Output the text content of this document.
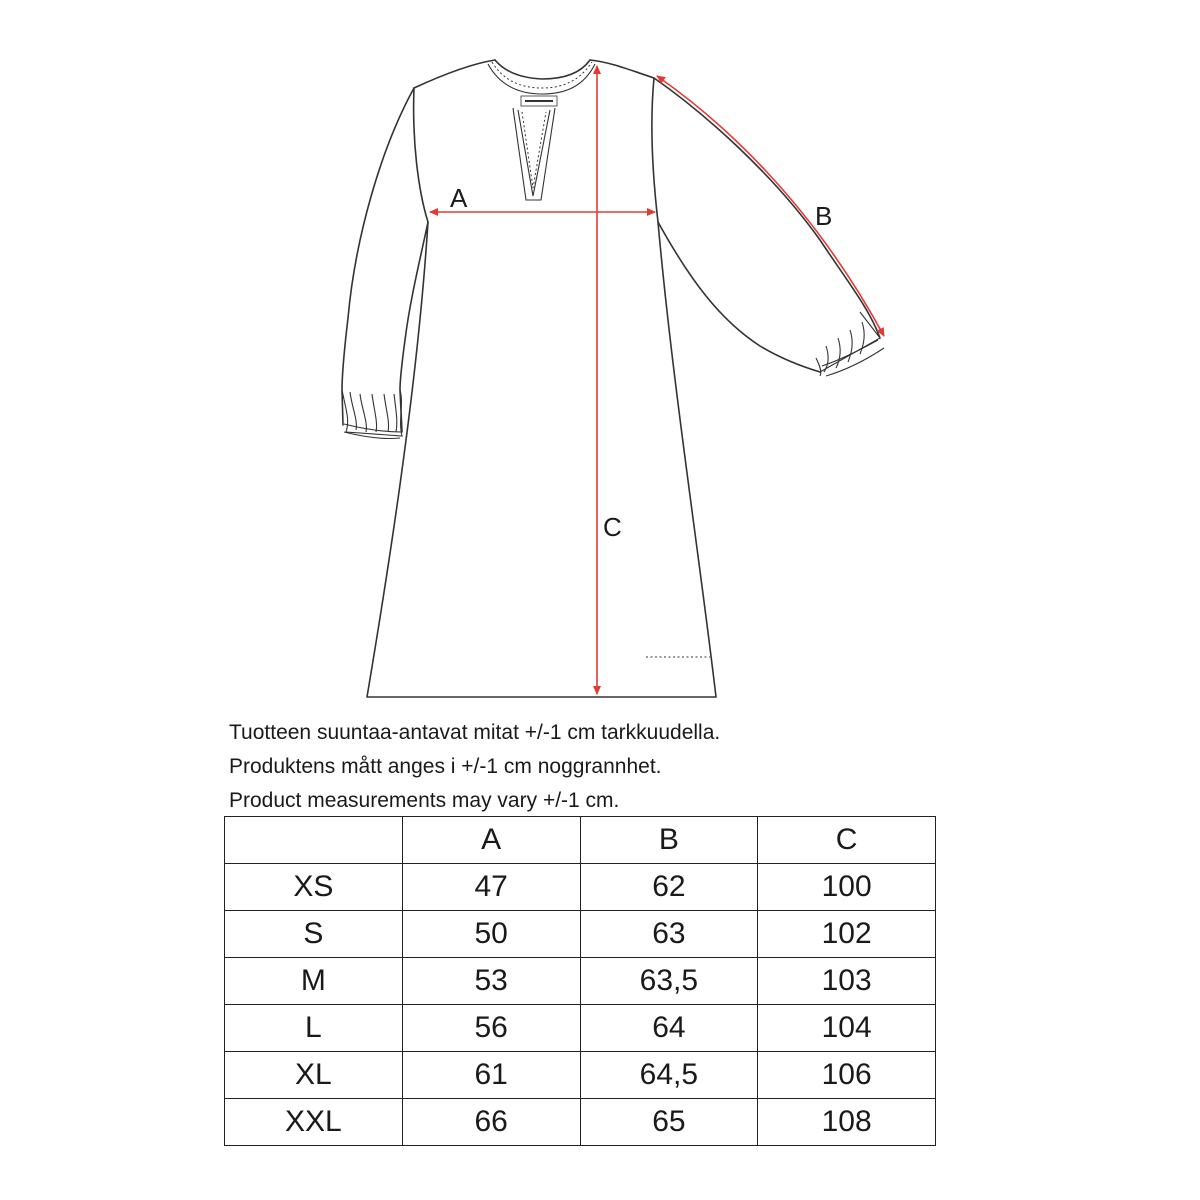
A
B
C
Tuotteen suuntaa-antavat mitat +/-1 cm tarkkuudella.
Produktens mått anges i +/-1 cm noggrannhet.
Product measurements may vary +/-1 cm.
	A	B	C
XS	47	62	100
S	50	63	102
M	53	63,5	103
L	56	64	104
XL	61	64,5	106
XXL	66	65	108
